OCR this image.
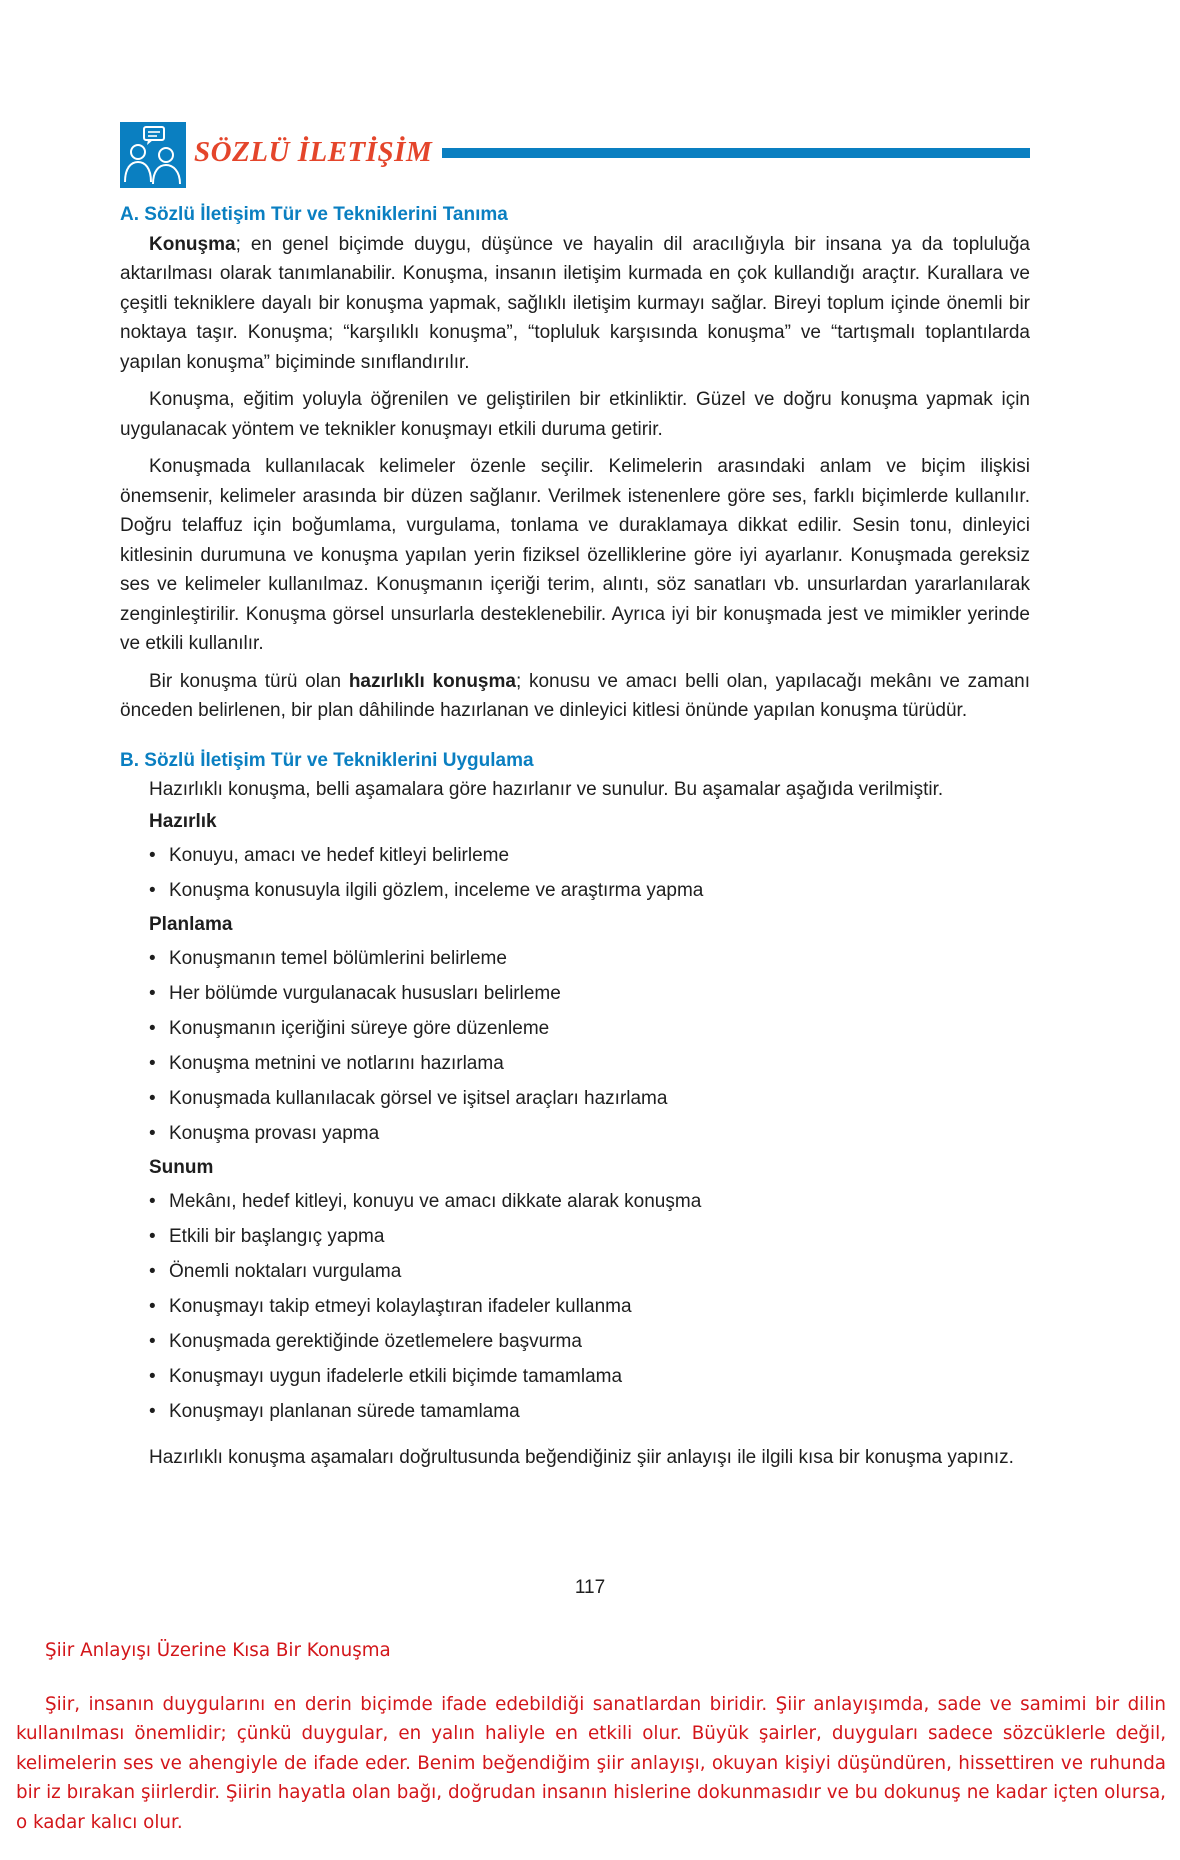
SÖZLÜ İLETİŞİM
A. Sözlü İletişim Tür ve Tekniklerini Tanıma

Konuşma; en genel biçimde duygu, düşünce ve hayalin dil aracılığıyla bir insana ya da topluluğa aktarılması olarak tanımlanabilir. Konuşma, insanın iletişim kurmada en çok kullandığı araçtır. Kurallara ve çeşitli tekniklere dayalı bir konuşma yapmak, sağlıklı iletişim kurmayı sağlar. Bireyi toplum içinde önemli bir noktaya taşır. Konuşma; “karşılıklı konuşma”, “topluluk karşısında konuşma” ve “tartışmalı toplantılarda yapılan konuşma” biçiminde sınıflandırılır.

Konuşma, eğitim yoluyla öğrenilen ve geliştirilen bir etkinliktir. Güzel ve doğru konuşma yapmak için uygulanacak yöntem ve teknikler konuşmayı etkili duruma getirir.

Konuşmada kullanılacak kelimeler özenle seçilir. Kelimelerin arasındaki anlam ve biçim ilişkisi önemsenir, kelimeler arasında bir düzen sağlanır. Verilmek istenenlere göre ses, farklı biçimlerde kullanılır. Doğru telaffuz için boğumlama, vurgulama, tonlama ve duraklamaya dikkat edilir. Sesin tonu, dinleyici kitlesinin durumuna ve konuşma yapılan yerin fiziksel özelliklerine göre iyi ayarlanır. Konuşmada gereksiz ses ve kelimeler kullanılmaz. Konuşmanın içeriği terim, alıntı, söz sanatları vb. unsurlardan yararlanılarak zenginleştirilir. Konuşma görsel unsurlarla desteklenebilir. Ayrıca iyi bir konuşmada jest ve mimikler yerinde ve etkili kullanılır.

Bir konuşma türü olan hazırlıklı konuşma; konusu ve amacı belli olan, yapılacağı mekânı ve zamanı önceden belirlenen, bir plan dâhilinde hazırlanan ve dinleyici kitlesi önünde yapılan konuşma türüdür.

B. Sözlü İletişim Tür ve Tekniklerini Uygulama

Hazırlıklı konuşma, belli aşamalara göre hazırlanır ve sunulur. Bu aşamalar aşağıda verilmiştir.

Hazırlık
• Konuyu, amacı ve hedef kitleyi belirleme
• Konuşma konusuyla ilgili gözlem, inceleme ve araştırma yapma
Planlama
• Konuşmanın temel bölümlerini belirleme
• Her bölümde vurgulanacak hususları belirleme
• Konuşmanın içeriğini süreye göre düzenleme
• Konuşma metnini ve notlarını hazırlama
• Konuşmada kullanılacak görsel ve işitsel araçları hazırlama
• Konuşma provası yapma
Sunum
• Mekânı, hedef kitleyi, konuyu ve amacı dikkate alarak konuşma
• Etkili bir başlangıç yapma
• Önemli noktaları vurgulama
• Konuşmayı takip etmeyi kolaylaştıran ifadeler kullanma
• Konuşmada gerektiğinde özetlemelere başvurma
• Konuşmayı uygun ifadelerle etkili biçimde tamamlama
• Konuşmayı planlanan sürede tamamlama

Hazırlıklı konuşma aşamaları doğrultusunda beğendiğiniz şiir anlayışı ile ilgili kısa bir konuşma yapınız.

117

Şiir Anlayışı Üzerine Kısa Bir Konuşma

Şiir, insanın duygularını en derin biçimde ifade edebildiği sanatlardan biridir. Şiir anlayışımda, sade ve samimi bir dilin kullanılması önemlidir; çünkü duygular, en yalın haliyle en etkili olur. Büyük şairler, duyguları sadece sözcüklerle değil, kelimelerin ses ve ahengiyle de ifade eder. Benim beğendiğim şiir anlayışı, okuyan kişiyi düşündüren, hissettiren ve ruhunda bir iz bırakan şiirlerdir. Şiirin hayatla olan bağı, doğrudan insanın hislerine dokunmasıdır ve bu dokunuş ne kadar içten olursa, o kadar kalıcı olur.
